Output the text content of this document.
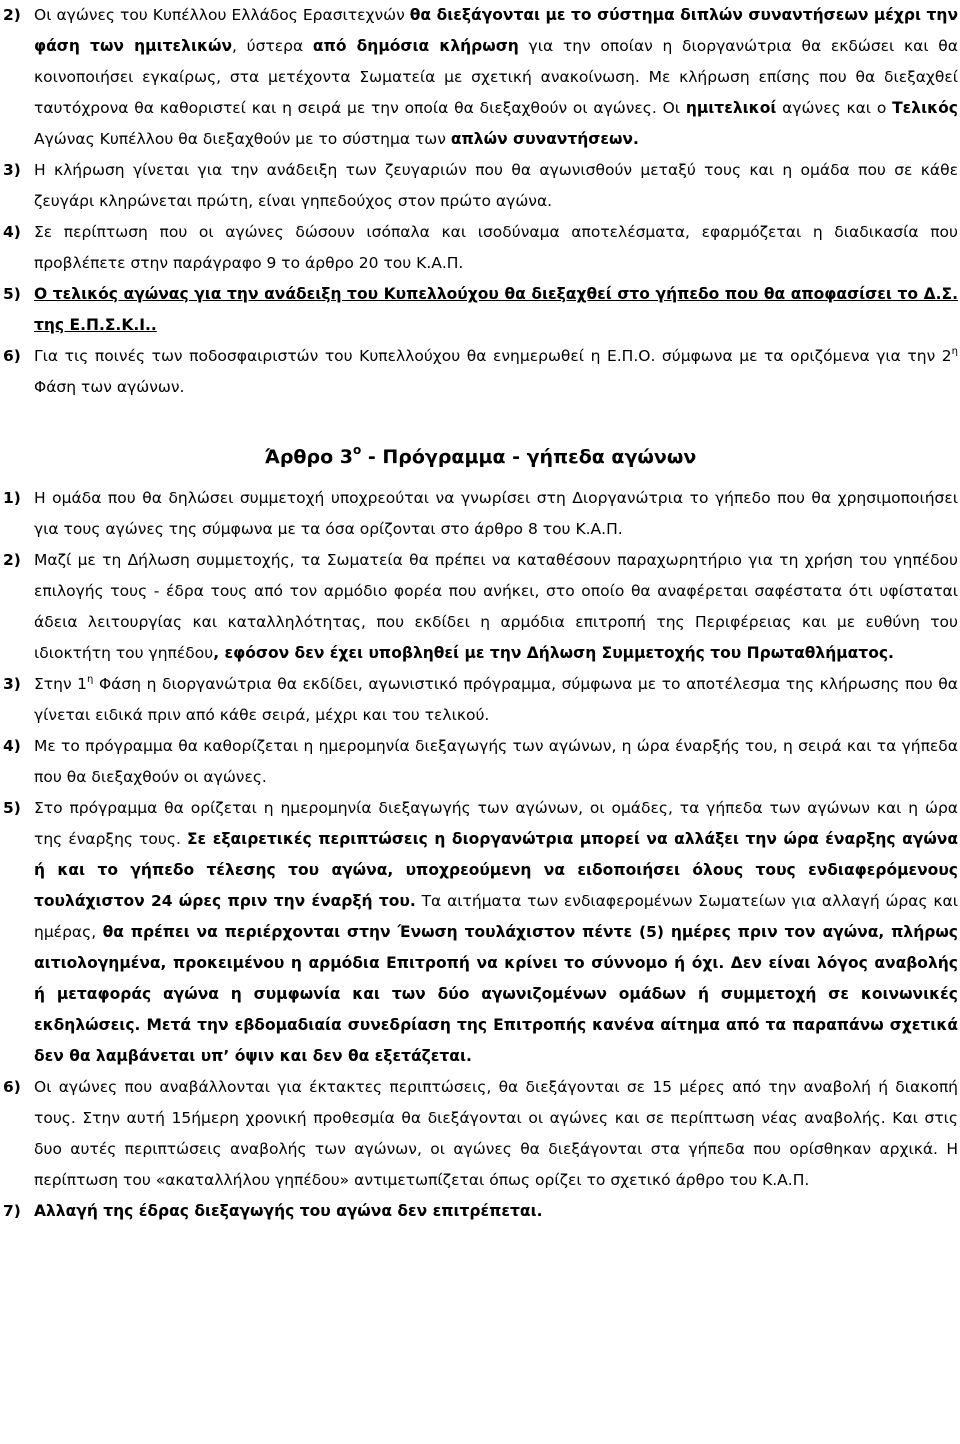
2) Οι αγώνες του Κυπέλλου Ελλάδος Ερασιτεχνών θα διεξάγονται με το σύστημα διπλών συναντήσεων μέχρι την φάση των ημιτελικών, ύστερα από δημόσια κλήρωση για την οποίαν η διοργανώτρια θα εκδώσει και θα κοινοποιήσει εγκαίρως, στα μετέχοντα Σωματεία με σχετική ανακοίνωση. Με κλήρωση επίσης που θα διεξαχθεί ταυτόχρονα θα καθοριστεί και η σειρά με την οποία θα διεξαχθούν οι αγώνες. Οι ημιτελικοί αγώνες και ο Τελικός Αγώνας Κυπέλλου θα διεξαχθούν με το σύστημα των απλών συναντήσεων.
3) Η κλήρωση γίνεται για την ανάδειξη των ζευγαριών που θα αγωνισθούν μεταξύ τους και η ομάδα που σε κάθε ζευγάρι κληρώνεται πρώτη, είναι γηπεδούχος στον πρώτο αγώνα.
4) Σε περίπτωση που οι αγώνες δώσουν ισόπαλα και ισοδύναμα αποτελέσματα, εφαρμόζεται η διαδικασία που προβλέπετε στην παράγραφο 9 το άρθρο 20 του Κ.Α.Π.
5) Ο τελικός αγώνας για την ανάδειξη του Κυπελλούχου θα διεξαχθεί στο γήπεδο που θα αποφασίσει το Δ.Σ. της Ε.Π.Σ.Κ.Ι..
6) Για τις ποινές των ποδοσφαιριστών του Κυπελλούχου θα ενημερωθεί η Ε.Π.Ο. σύμφωνα με τα οριζόμενα για την $2^\eta$ Φάση των αγώνων.
Άρθρο $3^o$ - Πρόγραμμα - γήπεδα αγώνων
1) Η ομάδα που θα δηλώσει συμμετοχή υποχρεούται να γνωρίσει στη Διοργανώτρια το γήπεδο που θα χρησιμοποιήσει για τους αγώνες της σύμφωνα με τα όσα ορίζονται στο άρθρο 8 του Κ.Α.Π.
2) Μαζί με τη Δήλωση συμμετοχής, τα Σωματεία θα πρέπει να καταθέσουν παραχωρητήριο για τη χρήση του γηπέδου επιλογής τους - έδρα τους από τον αρμόδιο φορέα που ανήκει, στο οποίο θα αναφέρεται σαφέστατα ότι υφίσταται άδεια λειτουργίας και καταλληλότητας, που εκδίδει η αρμόδια επιτροπή της Περιφέρειας και με ευθύνη του ιδιοκτήτη του γηπέδου, εφόσον δεν έχει υποβληθεί με την Δήλωση Συμμετοχής του Πρωταθλήματος.
3) Στην $1^\eta$ Φάση η διοργανώτρια θα εκδίδει, αγωνιστικό πρόγραμμα, σύμφωνα με το αποτέλεσμα της κλήρωσης που θα γίνεται ειδικά πριν από κάθε σειρά, μέχρι και του τελικού.
4) Με το πρόγραμμα θα καθορίζεται η ημερομηνία διεξαγωγής των αγώνων, η ώρα έναρξής του, η σειρά και τα γήπεδα που θα διεξαχθούν οι αγώνες.
5) Στο πρόγραμμα θα ορίζεται η ημερομηνία διεξαγωγής των αγώνων, οι ομάδες, τα γήπεδα των αγώνων και η ώρα της έναρξης τους. Σε εξαιρετικές περιπτώσεις η διοργανώτρια μπορεί να αλλάξει την ώρα έναρξης αγώνα ή και το γήπεδο τέλεσης του αγώνα, υποχρεούμενη να ειδοποιήσει όλους τους ενδιαφερόμενους τουλάχιστον 24 ώρες πριν την έναρξή του. Τα αιτήματα των ενδιαφερομένων Σωματείων για αλλαγή ώρας και ημέρας, θα πρέπει να περιέρχονται στην Ένωση τουλάχιστον πέντε (5) ημέρες πριν τον αγώνα, πλήρως αιτιολογημένα, προκειμένου η αρμόδια Επιτροπή να κρίνει το σύννομο ή όχι. Δεν είναι λόγος αναβολής ή μεταφοράς αγώνα η συμφωνία και των δύο αγωνιζομένων ομάδων ή συμμετοχή σε κοινωνικές εκδηλώσεις. Μετά την εβδομαδιαία συνεδρίαση της Επιτροπής κανένα αίτημα από τα παραπάνω σχετικά δεν θα λαμβάνεται υπ’ όψιν και δεν θα εξετάζεται.
6) Οι αγώνες που αναβάλλονται για έκτακτες περιπτώσεις, θα διεξάγονται σε 15 μέρες από την αναβολή ή διακοπή τους. Στην αυτή 15ήμερη χρονική προθεσμία θα διεξάγονται οι αγώνες και σε περίπτωση νέας αναβολής. Και στις δυο αυτές περιπτώσεις αναβολής των αγώνων, οι αγώνες θα διεξάγονται στα γήπεδα που ορίσθηκαν αρχικά. Η περίπτωση του «ακαταλλήλου γηπέδου» αντιμετωπίζεται όπως ορίζει το σχετικό άρθρο του Κ.Α.Π.
7) Αλλαγή της έδρας διεξαγωγής του αγώνα δεν επιτρέπεται.
